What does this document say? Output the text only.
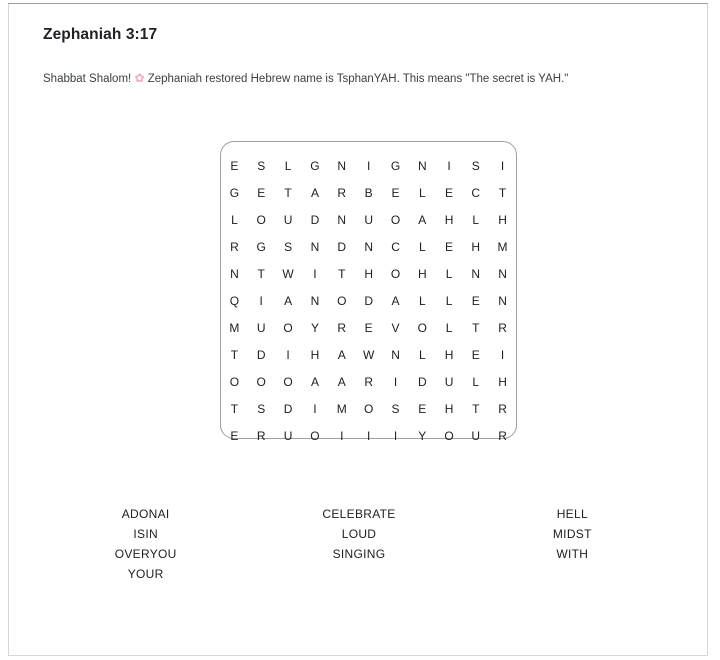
Zephaniah 3:17

Shabbat Shalom! ✿ Zephaniah restored Hebrew name is TsphanYAH. This means "The secret is YAH."

E	S	L	G	N	I	G	N	I	S	I
G	E	T	A	R	B	E	L	E	C	T
L	O	U	D	N	U	O	A	H	L	H
R	G	S	N	D	N	C	L	E	H	M
N	T	W	I	T	H	O	H	L	N	N
Q	I	A	N	O	D	A	L	L	E	N
M	U	O	Y	R	E	V	O	L	T	R
T	D	I	H	A	W	N	L	H	E	I
O	O	O	A	A	R	I	D	U	L	H
T	S	D	I	M	O	S	E	H	T	R
E	R	U	O	I	I	I	Y	O	U	R
ADONAI
ISIN
OVERYOU
YOUR
CELEBRATE
LOUD
SINGING
HELL
MIDST
WITH
